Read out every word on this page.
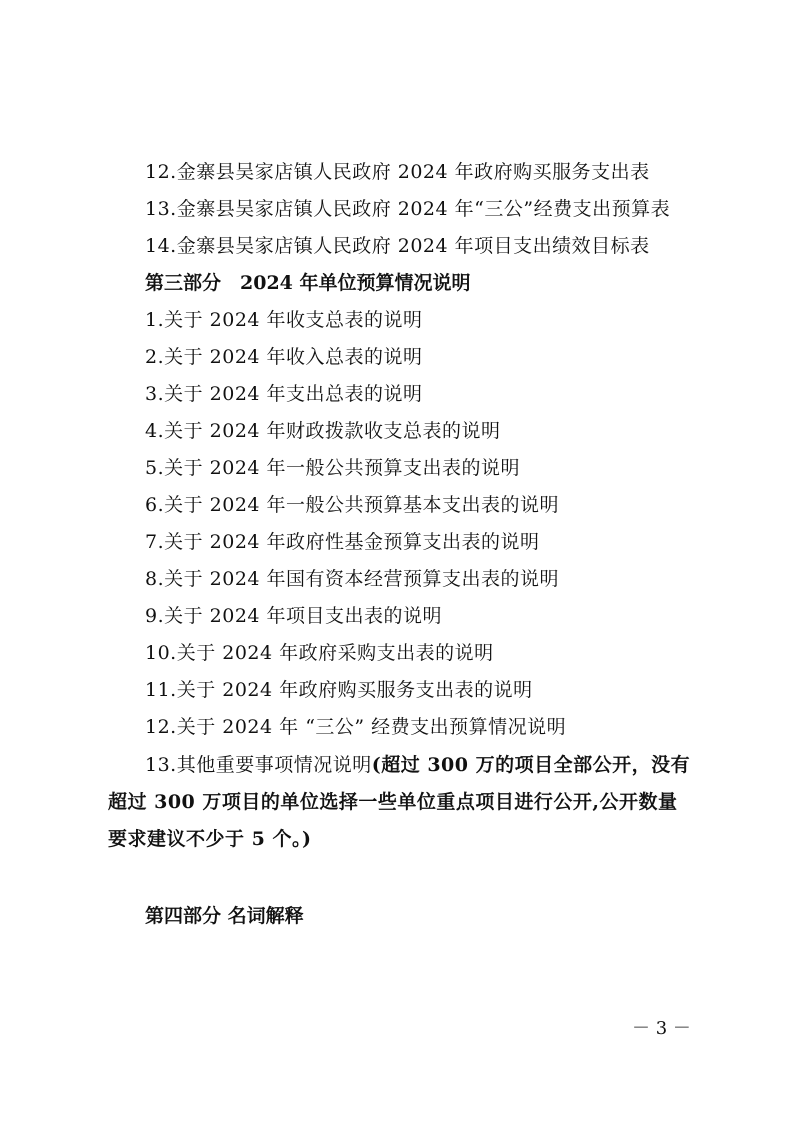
12.金寨县吴家店镇人民政府 2024 年政府购买服务支出表
13.金寨县吴家店镇人民政府 2024 年“三公”经费支出预算表
14.金寨县吴家店镇人民政府 2024 年项目支出绩效目标表
第三部分　2024 年单位预算情况说明
1.关于 2024 年收支总表的说明
2.关于 2024 年收入总表的说明
3.关于 2024 年支出总表的说明
4.关于 2024 年财政拨款收支总表的说明
5.关于 2024 年一般公共预算支出表的说明
6.关于 2024 年一般公共预算基本支出表的说明
7.关于 2024 年政府性基金预算支出表的说明
8.关于 2024 年国有资本经营预算支出表的说明
9.关于 2024 年项目支出表的说明
10.关于 2024 年政府采购支出表的说明
11.关于 2024 年政府购买服务支出表的说明
12.关于 2024 年 “三公” 经费支出预算情况说明
13.其他重要事项情况说明(超过 300 万的项目全部公开，没有超过 300 万项目的单位选择一些单位重点项目进行公开,公开数量要求建议不少于 5 个。)
第四部分 名词解释
－ 3 －
